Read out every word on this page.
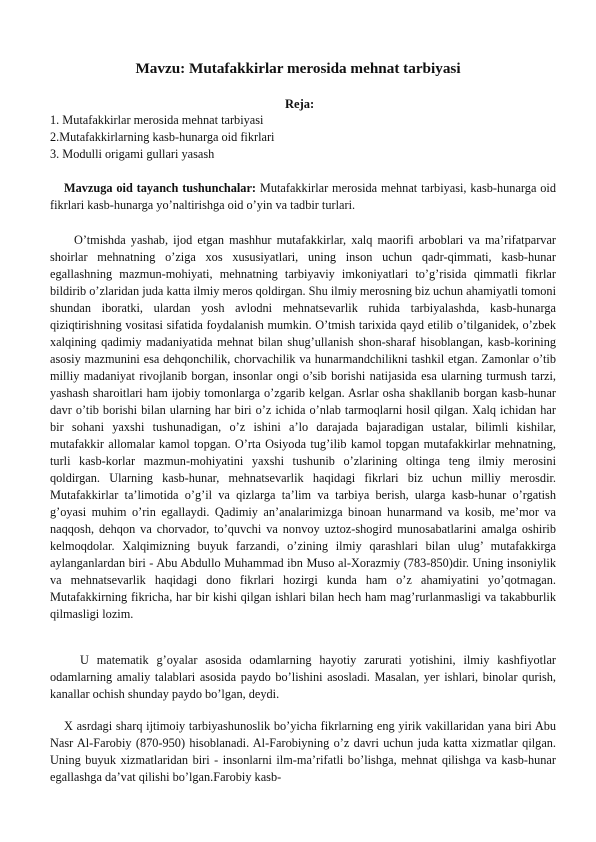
Mavzu: Mutafakkirlar merosida mehnat tarbiyasi
Reja:
1. Mutafakkirlar merosida mehnat tarbiyasi
2.Mutafakkirlarning kasb-hunarga oid fikrlari
3. Modulli origami gullari yasash

Mavzuga oid tayanch tushunchalar: Mutafakkirlar merosida mehnat tarbiyasi, kasb-hunarga oid fikrlari kasb-hunarga yo’naltirishga oid o’yin va tadbir turlari.

O’tmishda yashab, ijod etgan mashhur mutafakkirlar, xalq maorifi arboblari va ma’rifatparvar shoirlar mehnatning o’ziga xos xususiyatlari, uning inson uchun qadr-qimmati, kasb-hunar egallashning mazmun-mohiyati, mehnatning tarbiyaviy imkoniyatlari to’g’risida qimmatli fikrlar bildirib o’zlaridan juda katta ilmiy meros qoldirgan. Shu ilmiy merosning biz uchun ahamiyatli tomoni shundan iboratki, ulardan yosh avlodni mehnatsevarlik ruhida tarbiyalashda, kasb-hunarga qiziqtirishning vositasi sifatida foydalanish mumkin. O’tmish tarixida qayd etilib o’tilganidek, o’zbek xalqining qadimiy madaniyatida mehnat bilan shug’ullanish shon-sharaf hisoblangan, kasb-korining asosiy mazmunini esa dehqonchilik, chorvachilik va hunarmandchilikni tashkil etgan. Zamonlar o’tib milliy madaniyat rivojlanib borgan, insonlar ongi o’sib borishi natijasida esa ularning turmush tarzi, yashash sharoitlari ham ijobiy tomonlarga o’zgarib kelgan. Asrlar osha shakllanib borgan kasb-hunar davr o’tib borishi bilan ularning har biri o’z ichida o’nlab tarmoqlarni hosil qilgan. Xalq ichidan har bir sohani yaxshi tushunadigan, o’z ishini a’lo darajada bajaradigan ustalar, bilimli kishilar, mutafakkir allomalar kamol topgan. O’rta Osiyoda tug’ilib kamol topgan mutafakkirlar mehnatning, turli kasb-korlar mazmun-mohiyatini yaxshi tushunib o’zlarining oltinga teng ilmiy merosini qoldirgan. Ularning kasb-hunar, mehnatsevarlik haqidagi fikrlari biz uchun milliy merosdir. Mutafakkirlar ta’limotida o’g’il va qizlarga ta’lim va tarbiya berish, ularga kasb-hunar o’rgatish g’oyasi muhim o’rin egallaydi. Qadimiy an’analarimizga binoan hunarmand va kosib, me’mor va naqqosh, dehqon va chorvador, to’quvchi va nonvoy uztoz-shogird munosabatlarini amalga oshirib kelmoqdolar. Xalqimizning buyuk farzandi, o’zining ilmiy qarashlari bilan ulug’ mutafakkirga aylanganlardan biri - Abu Abdullo Muhammad ibn Muso al-Xorazmiy (783-850)dir. Uning insoniylik va mehnatsevarlik haqidagi dono fikrlari hozirgi kunda ham o’z ahamiyatini yo’qotmagan. Mutafakkirning fikricha, har bir kishi qilgan ishlari bilan hech ham mag’rurlanmasligi va takabburlik qilmasligi lozim.

U matematik g’oyalar asosida odamlarning hayotiy zarurati yotishini, ilmiy kashfiyotlar odamlarning amaliy talablari asosida paydo bo’lishini asosladi. Masalan, yer ishlari, binolar qurish, kanallar ochish shunday paydo bo’lgan, deydi.

X asrdagi sharq ijtimoiy tarbiyashunoslik bo’yicha fikrlarning eng yirik vakillaridan yana biri Abu Nasr Al-Farobiy (870-950) hisoblanadi. Al-Farobiyning o’z davri uchun juda katta xizmatlar qilgan. Uning buyuk xizmatlaridan biri - insonlarni ilm-ma’rifatli bo’lishga, mehnat qilishga va kasb-hunar egallashga da’vat qilishi bo’lgan.Farobiy kasb-
